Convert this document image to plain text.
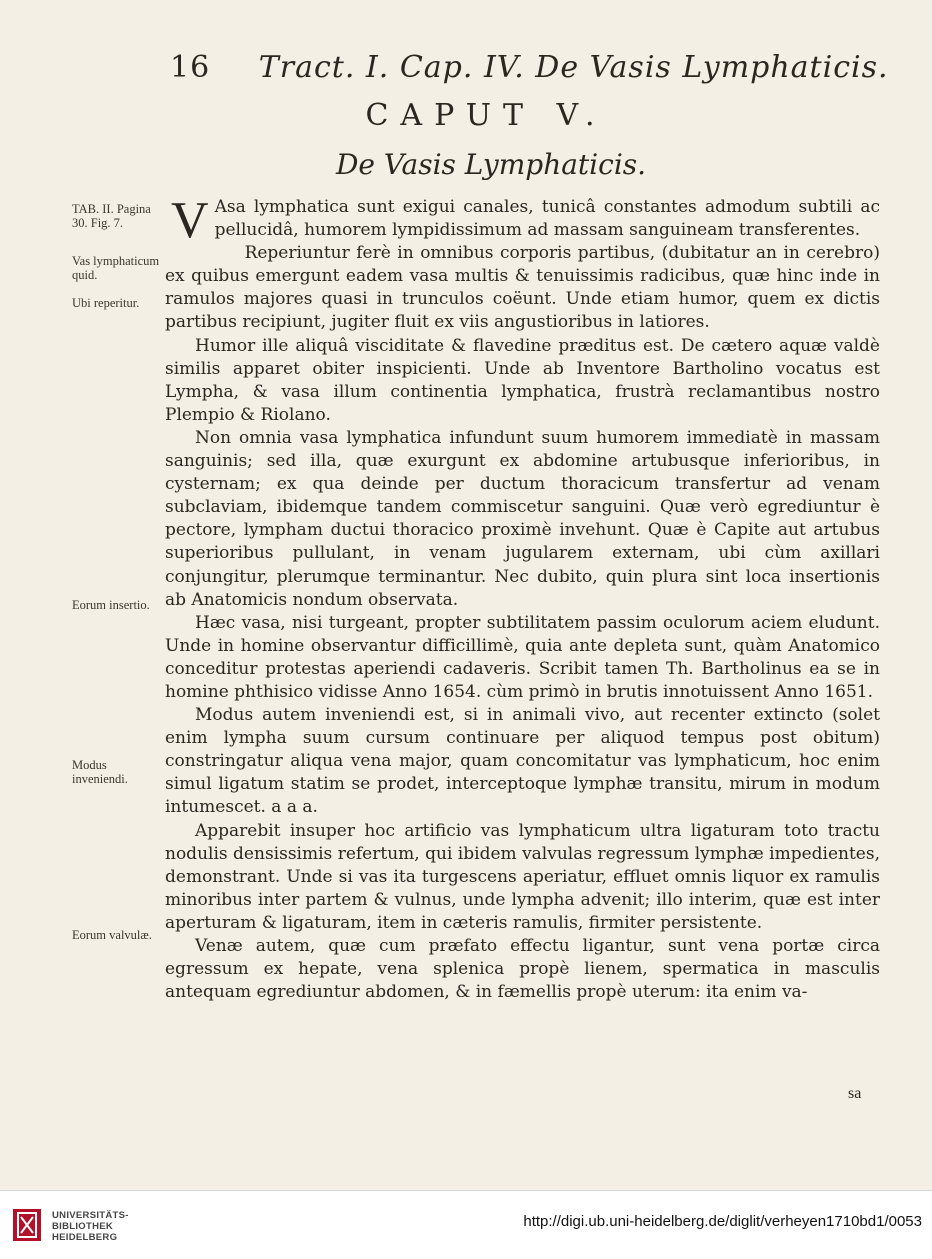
16 Tract. I. Cap. IV. De Vasis Lymphaticis.
CAPUT V.
De Vasis Lymphaticis.
TAB. II. Pagina 30. Fig. 7.
Vas lymphaticum quid.
Ubi reperitur.
Eorum insertio.
Modus inveniendi.
Eorum valvulæ.

V Asa lymphatica sunt exigui canales, tunicâ constantes admodum subtili ac pellucidâ, humorem lympidissimum ad massam sanguineam transferentes.

Reperiuntur ferè in omnibus corporis partibus, (dubitatur an in cerebro) ex quibus emergunt eadem vasa multis & tenuissimis radicibus, quæ hinc inde in ramulos majores quasi in trunculos coëunt. Unde etiam humor, quem ex dictis partibus recipiunt, jugiter fluit ex viis angustioribus in latiores.

Humor ille aliquâ visciditate & flavedine præditus est. De cætero aquæ valdè similis apparet obiter inspicienti. Unde ab Inventore Bartholino vocatus est Lympha, & vasa illum continentia lymphatica, frustrà reclamantibus nostro Plempio & Riolano.

Non omnia vasa lymphatica infundunt suum humorem immediatè in massam sanguinis; sed illa, quæ exurgunt ex abdomine artubusque inferioribus, in cysternam; ex qua deinde per ductum thoracicum transfertur ad venam subclaviam, ibidemque tandem commiscetur sanguini. Quæ verò egrediuntur è pectore, lympham ductui thoracico proximè invehunt. Quæ è Capite aut artubus superioribus pullulant, in venam jugularem externam, ubi cùm axillari conjungitur, plerumque terminantur. Nec dubito, quin plura sint loca insertionis ab Anatomicis nondum observata.

Hæc vasa, nisi turgeant, propter subtilitatem passim oculorum aciem eludunt. Unde in homine observantur difficillimè, quia ante depleta sunt, quàm Anatomico conceditur protestas aperiendi cadaveris. Scribit tamen Th. Bartholinus ea se in homine phthisico vidisse Anno 1654. cùm primò in brutis innotuissent Anno 1651.

Modus autem inveniendi est, si in animali vivo, aut recenter extincto (solet enim lympha suum cursum continuare per aliquod tempus post obitum) constringatur aliqua vena major, quam concomitatur vas lymphaticum, hoc enim simul ligatum statim se prodet, interceptoque lymphæ transitu, mirum in modum intumescet. a a a.

Apparebit insuper hoc artificio vas lymphaticum ultra ligaturam toto tractu nodulis densissimis refertum, qui ibidem valvulas regressum lymphæ impedientes, demonstrant. Unde si vas ita turgescens aperiatur, effluet omnis liquor ex ramulis minoribus inter partem & vulnus, unde lympha advenit; illo interim, quæ est inter aperturam & ligaturam, item in cæteris ramulis, firmiter persistente.

Venæ autem, quæ cum præfato effectu ligantur, sunt vena portæ circa egressum ex hepate, vena splenica propè lienem, spermatica in masculis antequam egrediuntur abdomen, & in fæmellis propè uterum: ita enim va-

sa
UNIVERSITÄTS-
BIBLIOTHEK
HEIDELBERG
http://digi.ub.uni-heidelberg.de/diglit/verheyen1710bd1/0053
